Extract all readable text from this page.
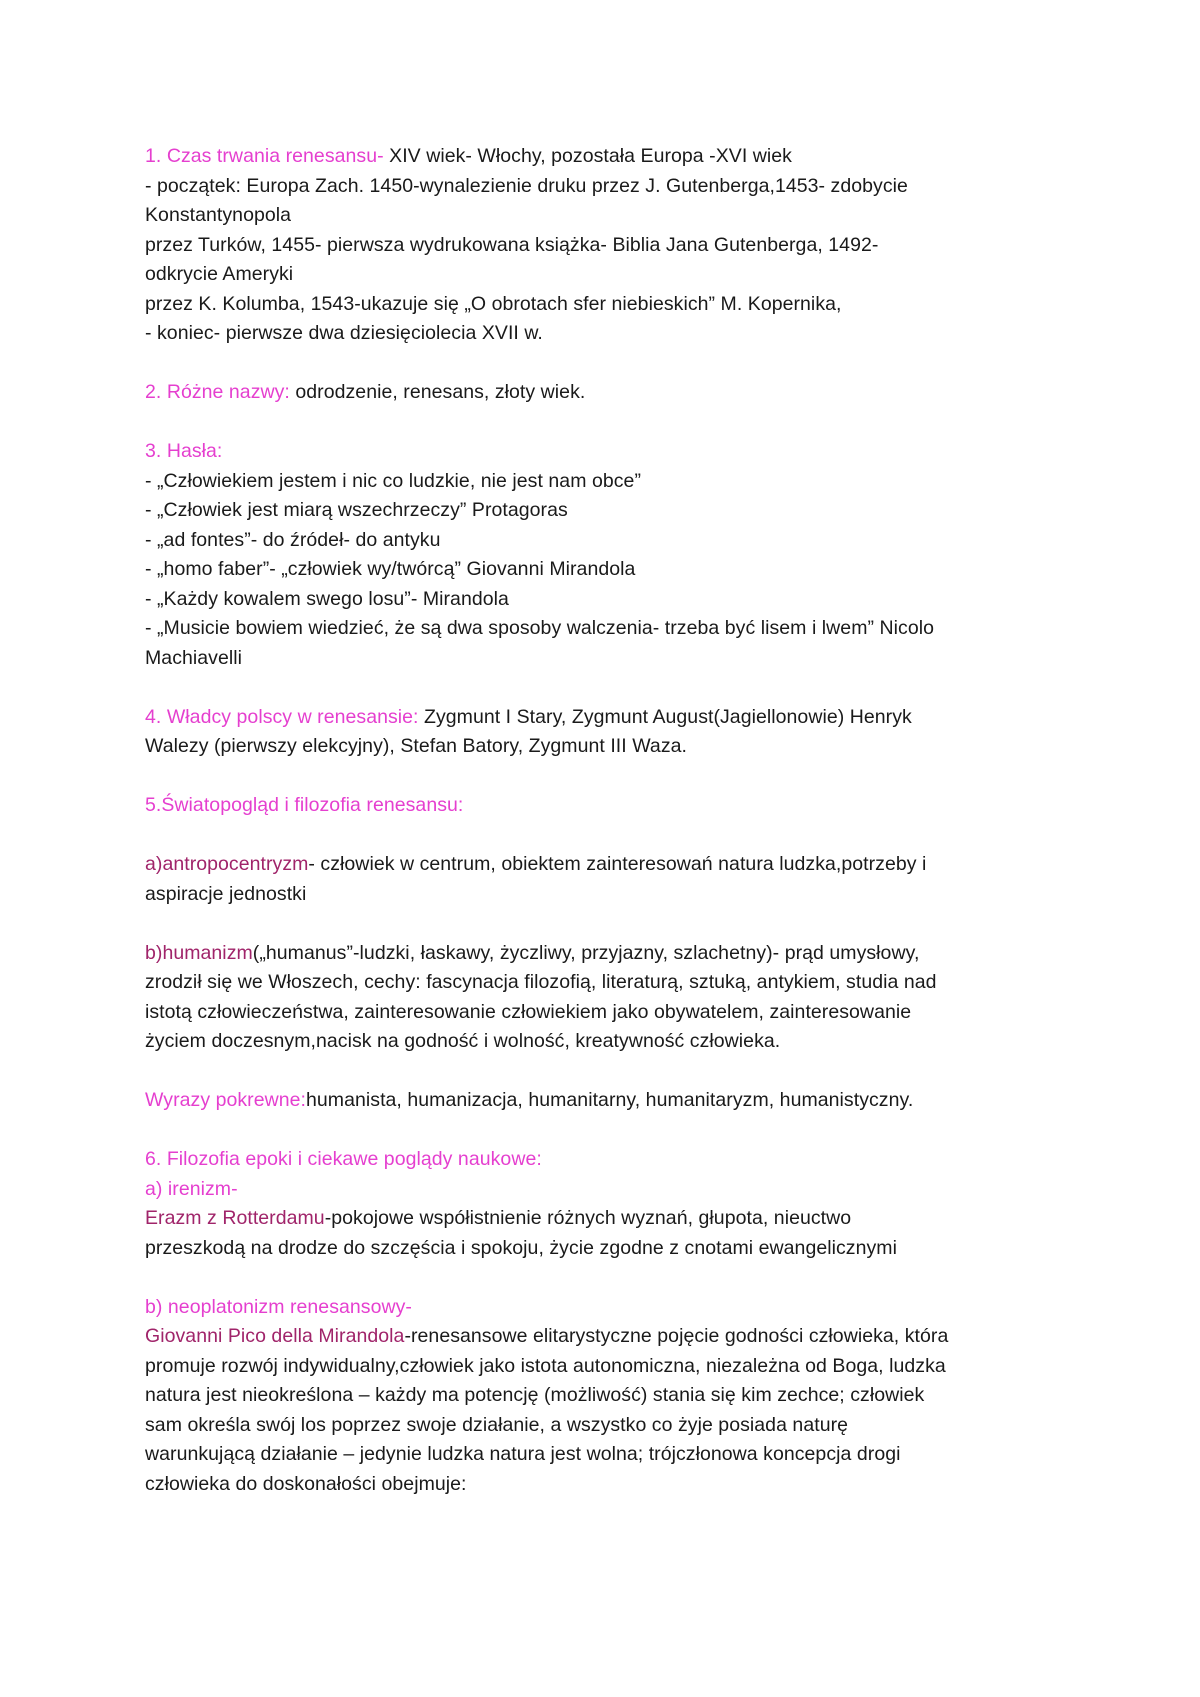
1. Czas trwania renesansu- XIV wiek- Włochy, pozostała Europa -XVI wiek
- początek: Europa Zach. 1450-wynalezienie druku przez J. Gutenberga,1453- zdobycie
Konstantynopola
przez Turków, 1455- pierwsza wydrukowana książka- Biblia Jana Gutenberga, 1492-
odkrycie Ameryki
przez K. Kolumba, 1543-ukazuje się „O obrotach sfer niebieskich” M. Kopernika,
- koniec- pierwsze dwa dziesięciolecia XVII w.
2. Różne nazwy: odrodzenie, renesans, złoty wiek.
3. Hasła:
- „Człowiekiem jestem i nic co ludzkie, nie jest nam obce”
- „Człowiek jest miarą wszechrzeczy” Protagoras
- „ad fontes”- do źródeł- do antyku
- „homo faber”- „człowiek wy/twórcą” Giovanni Mirandola
- „Każdy kowalem swego losu”- Mirandola
- „Musicie bowiem wiedzieć, że są dwa sposoby walczenia- trzeba być lisem i lwem” Nicolo
Machiavelli
4. Władcy polscy w renesansie: Zygmunt I Stary, Zygmunt August(Jagiellonowie) Henryk
Walezy (pierwszy elekcyjny), Stefan Batory, Zygmunt III Waza.
5.Światopogląd i filozofia renesansu:
a)antropocentryzm- człowiek w centrum, obiektem zainteresowań natura ludzka,potrzeby i
aspiracje jednostki
b)humanizm(„humanus”-ludzki, łaskawy, życzliwy, przyjazny, szlachetny)- prąd umysłowy,
zrodził się we Włoszech, cechy: fascynacja filozofią, literaturą, sztuką, antykiem, studia nad
istotą człowieczeństwa, zainteresowanie człowiekiem jako obywatelem, zainteresowanie
życiem doczesnym,nacisk na godność i wolność, kreatywność człowieka.
Wyrazy pokrewne:humanista, humanizacja, humanitarny, humanitaryzm, humanistyczny.
6. Filozofia epoki i ciekawe poglądy naukowe:
a) irenizm-
Erazm z Rotterdamu-pokojowe współistnienie różnych wyznań, głupota, nieuctwo
przeszkodą na drodze do szczęścia i spokoju, życie zgodne z cnotami ewangelicznymi
b) neoplatonizm renesansowy-
Giovanni Pico della Mirandola-renesansowe elitarystyczne pojęcie godności człowieka, która
promuje rozwój indywidualny,człowiek jako istota autonomiczna, niezależna od Boga, ludzka
natura jest nieokreślona – każdy ma potencję (możliwość) stania się kim zechce; człowiek
sam określa swój los poprzez swoje działanie, a wszystko co żyje posiada naturę
warunkującą działanie – jedynie ludzka natura jest wolna; trójczłonowa koncepcja drogi
człowieka do doskonałości obejmuje:
